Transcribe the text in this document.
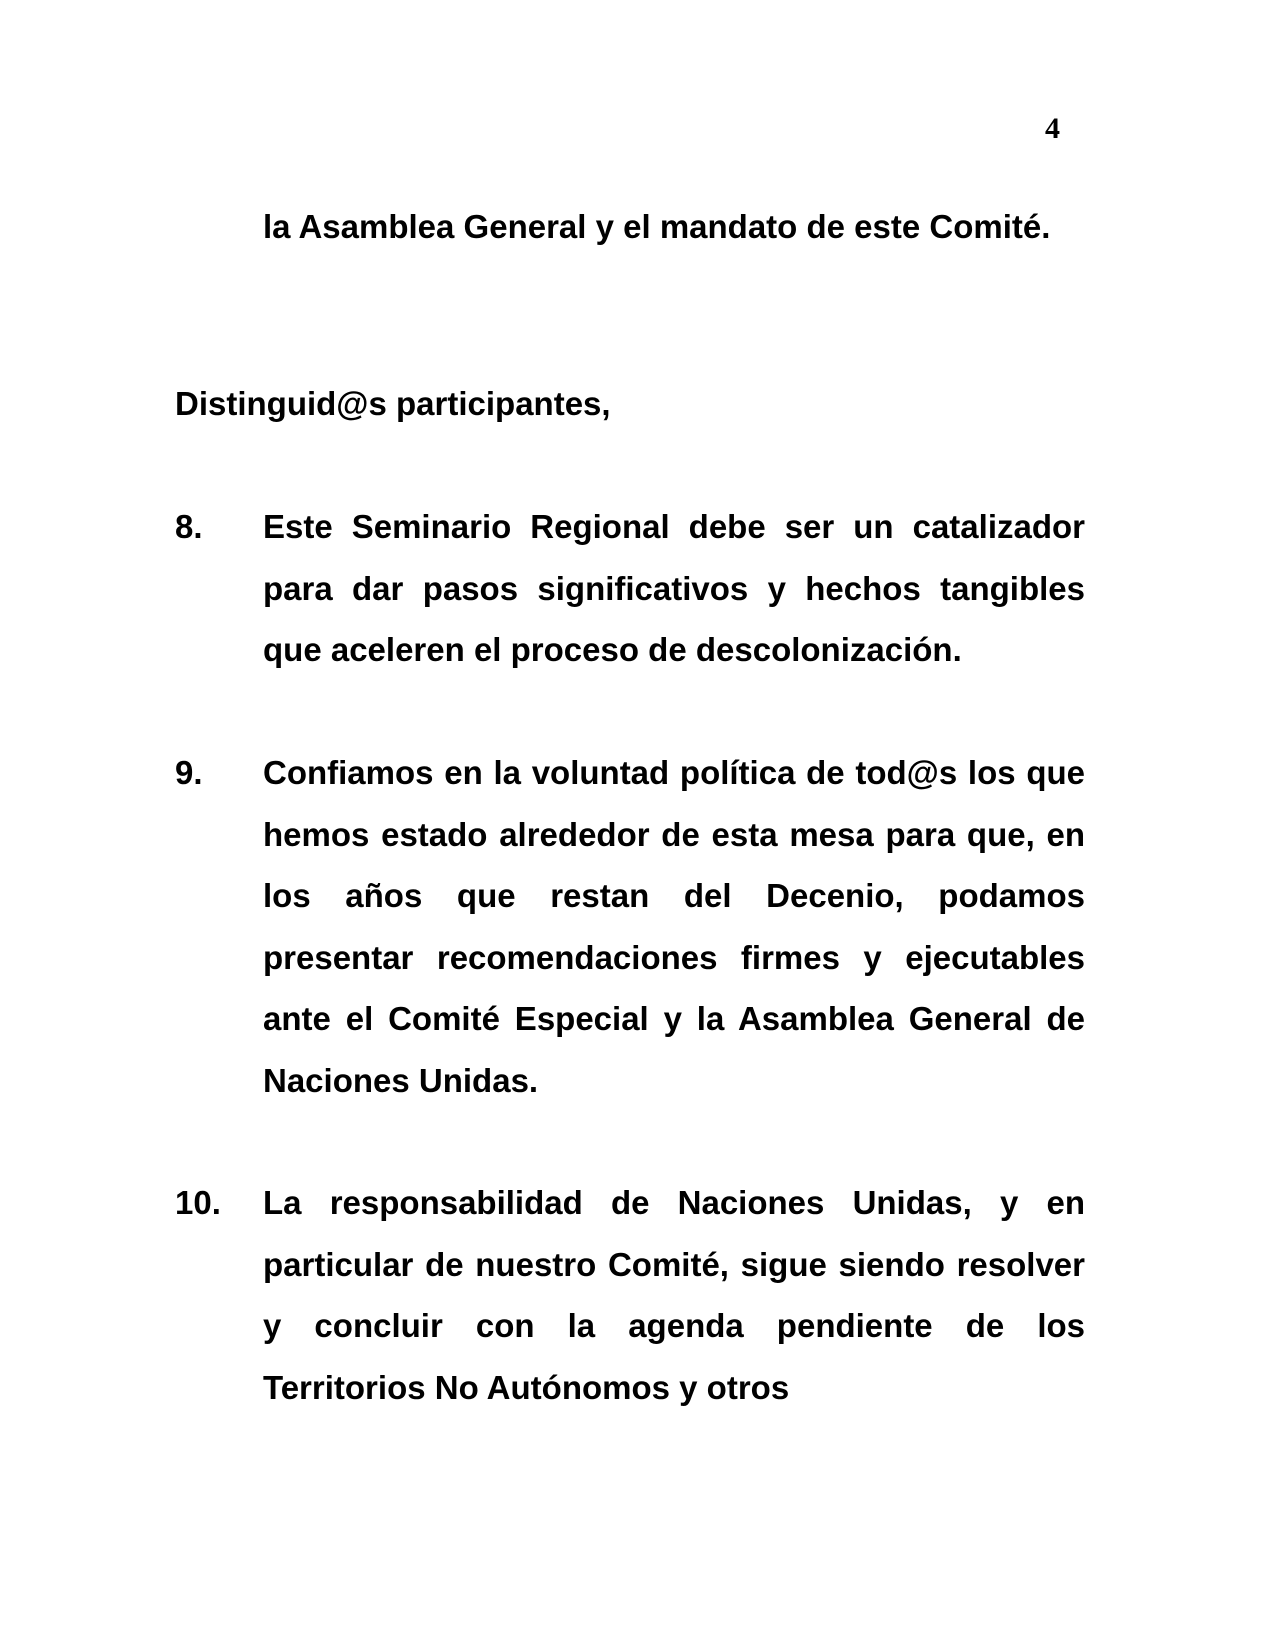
4
la Asamblea General y el mandato de este Comité.
Distinguid@s participantes,
8.	Este Seminario Regional debe ser un catalizador para dar pasos significativos y hechos tangibles que aceleren el proceso de descolonización.
9.	Confiamos en la voluntad política de tod@s los que hemos estado alrededor de esta mesa para que, en los años que restan del Decenio, podamos presentar recomendaciones firmes y ejecutables ante el Comité Especial y la Asamblea General de Naciones Unidas.
10.	La responsabilidad de Naciones Unidas, y en particular de nuestro Comité, sigue siendo resolver y concluir con la agenda pendiente de los Territorios No Autónomos y otros
